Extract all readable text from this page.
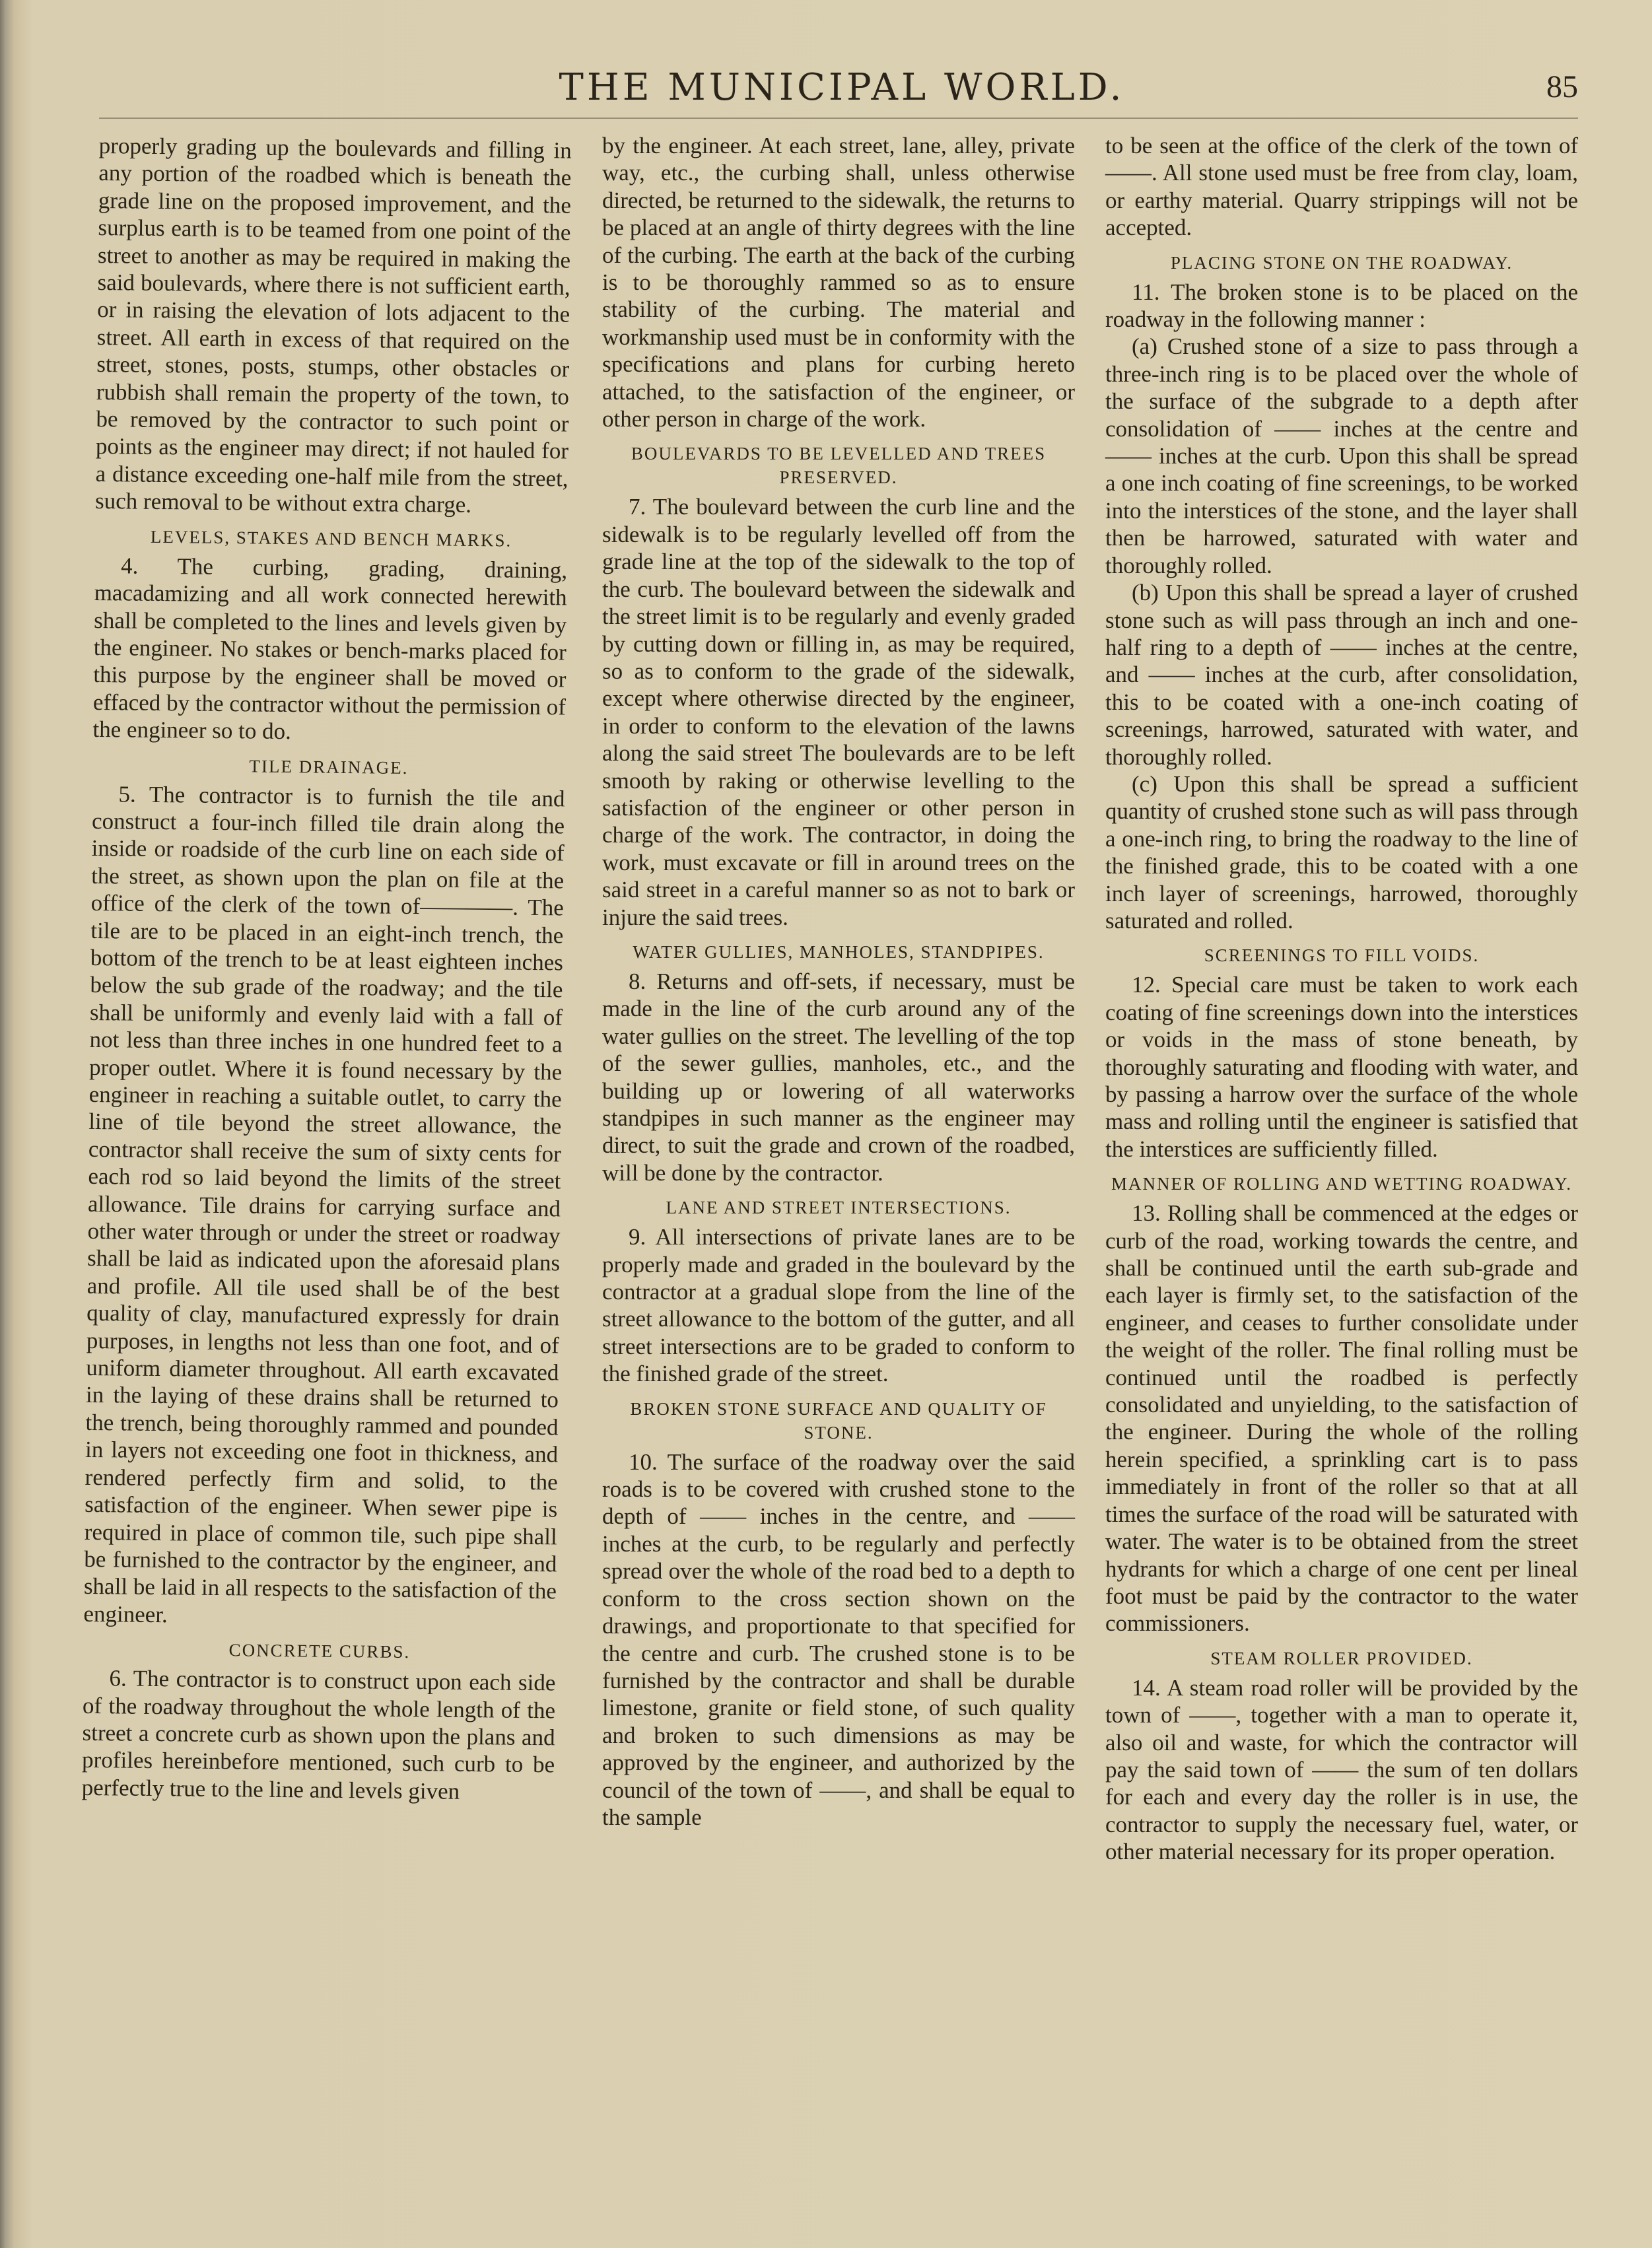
THE MUNICIPAL WORLD.	85

properly grading up the boulevards and filling in any portion of the roadbed which is beneath the grade line on the proposed improvement, and the surplus earth is to be teamed from one point of the street to another as may be required in making the said boulevards, where there is not sufficient earth, or in raising the elevation of lots adjacent to the street. All earth in excess of that required on the street, stones, posts, stumps, other obstacles or rubbish shall remain the property of the town, to be removed by the contractor to such point or points as the engineer may direct; if not hauled for a distance exceeding one-half mile from the street, such removal to be without extra charge.

LEVELS, STAKES AND BENCH MARKS.

4. The curbing, grading, draining, macadamizing and all work connected herewith shall be completed to the lines and levels given by the engineer. No stakes or bench-marks placed for this purpose by the engineer shall be moved or effaced by the contractor without the permission of the engineer so to do.

TILE DRAINAGE.

5. The contractor is to furnish the tile and construct a four-inch filled tile drain along the inside or roadside of the curb line on each side of the street, as shown upon the plan on file at the office of the clerk of the town of————. The tile are to be placed in an eight-inch trench, the bottom of the trench to be at least eighteen inches below the sub grade of the roadway; and the tile shall be uniformly and evenly laid with a fall of not less than three inches in one hundred feet to a proper outlet. Where it is found necessary by the engineer in reaching a suitable outlet, to carry the line of tile beyond the street allowance, the contractor shall receive the sum of sixty cents for each rod so laid beyond the limits of the street allowance. Tile drains for carrying surface and other water through or under the street or roadway shall be laid as indicated upon the aforesaid plans and profile. All tile used shall be of the best quality of clay, manufactured expressly for drain purposes, in lengths not less than one foot, and of uniform diameter throughout. All earth excavated in the laying of these drains shall be returned to the trench, being thoroughly rammed and pounded in layers not exceeding one foot in thickness, and rendered perfectly firm and solid, to the satisfaction of the engineer. When sewer pipe is required in place of common tile, such pipe shall be furnished to the contractor by the engineer, and shall be laid in all respects to the satisfaction of the engineer.

CONCRETE CURBS.

6. The contractor is to construct upon each side of the roadway throughout the whole length of the street a concrete curb as shown upon the plans and profiles hereinbefore mentioned, such curb to be perfectly true to the line and levels given

by the engineer. At each street, lane, alley, private way, etc., the curbing shall, unless otherwise directed, be returned to the sidewalk, the returns to be placed at an angle of thirty degrees with the line of the curbing. The earth at the back of the curbing is to be thoroughly rammed so as to ensure stability of the curbing. The material and workmanship used must be in conformity with the specifications and plans for curbing hereto attached, to the satisfaction of the engineer, or other person in charge of the work.

BOULEVARDS TO BE LEVELLED AND TREES PRESERVED.

7. The boulevard between the curb line and the sidewalk is to be regularly levelled off from the grade line at the top of the sidewalk to the top of the curb. The boulevard between the sidewalk and the street limit is to be regularly and evenly graded by cutting down or filling in, as may be required, so as to conform to the grade of the sidewalk, except where otherwise directed by the engineer, in order to conform to the elevation of the lawns along the said street The boulevards are to be left smooth by raking or otherwise levelling to the satisfaction of the engineer or other person in charge of the work. The contractor, in doing the work, must excavate or fill in around trees on the said street in a careful manner so as not to bark or injure the said trees.

WATER GULLIES, MANHOLES, STANDPIPES.

8. Returns and off-sets, if necessary, must be made in the line of the curb around any of the water gullies on the street. The levelling of the top of the sewer gullies, manholes, etc., and the building up or lowering of all waterworks standpipes in such manner as the engineer may direct, to suit the grade and crown of the roadbed, will be done by the contractor.

LANE AND STREET INTERSECTIONS.

9. All intersections of private lanes are to be properly made and graded in the boulevard by the contractor at a gradual slope from the line of the street allowance to the bottom of the gutter, and all street intersections are to be graded to conform to the finished grade of the street.

BROKEN STONE SURFACE AND QUALITY OF STONE.

10. The surface of the roadway over the said roads is to be covered with crushed stone to the depth of —— inches in the centre, and —— inches at the curb, to be regularly and perfectly spread over the whole of the road bed to a depth to conform to the cross section shown on the drawings, and proportionate to that specified for the centre and curb. The crushed stone is to be furnished by the contractor and shall be durable limestone, granite or field stone, of such quality and broken to such dimensions as may be approved by the engineer, and authorized by the council of the town of ——, and shall be equal to the sample

to be seen at the office of the clerk of the town of ——. All stone used must be free from clay, loam, or earthy material. Quarry strippings will not be accepted.

PLACING STONE ON THE ROADWAY.

11. The broken stone is to be placed on the roadway in the following manner :

(a) Crushed stone of a size to pass through a three-inch ring is to be placed over the whole of the surface of the subgrade to a depth after consolidation of —— inches at the centre and —— inches at the curb. Upon this shall be spread a one inch coating of fine screenings, to be worked into the interstices of the stone, and the layer shall then be harrowed, saturated with water and thoroughly rolled.

(b) Upon this shall be spread a layer of crushed stone such as will pass through an inch and one-half ring to a depth of —— inches at the centre, and —— inches at the curb, after consolidation, this to be coated with a one-inch coating of screenings, harrowed, saturated with water, and thoroughly rolled.

(c) Upon this shall be spread a sufficient quantity of crushed stone such as will pass through a one-inch ring, to bring the roadway to the line of the finished grade, this to be coated with a one inch layer of screenings, harrowed, thoroughly saturated and rolled.

SCREENINGS TO FILL VOIDS.

12. Special care must be taken to work each coating of fine screenings down into the interstices or voids in the mass of stone beneath, by thoroughly saturating and flooding with water, and by passing a harrow over the surface of the whole mass and rolling until the engineer is satisfied that the interstices are sufficiently filled.

MANNER OF ROLLING AND WETTING ROADWAY.

13. Rolling shall be commenced at the edges or curb of the road, working towards the centre, and shall be continued until the earth sub-grade and each layer is firmly set, to the satisfaction of the engineer, and ceases to further consolidate under the weight of the roller. The final rolling must be continued until the roadbed is perfectly consolidated and unyielding, to the satisfaction of the engineer. During the whole of the rolling herein specified, a sprinkling cart is to pass immediately in front of the roller so that at all times the surface of the road will be saturated with water. The water is to be obtained from the street hydrants for which a charge of one cent per lineal foot must be paid by the contractor to the water commissioners.

STEAM ROLLER PROVIDED.

14. A steam road roller will be provided by the town of ——, together with a man to operate it, also oil and waste, for which the contractor will pay the said town of —— the sum of ten dollars for each and every day the roller is in use, the contractor to supply the necessary fuel, water, or other material necessary for its proper operation.
